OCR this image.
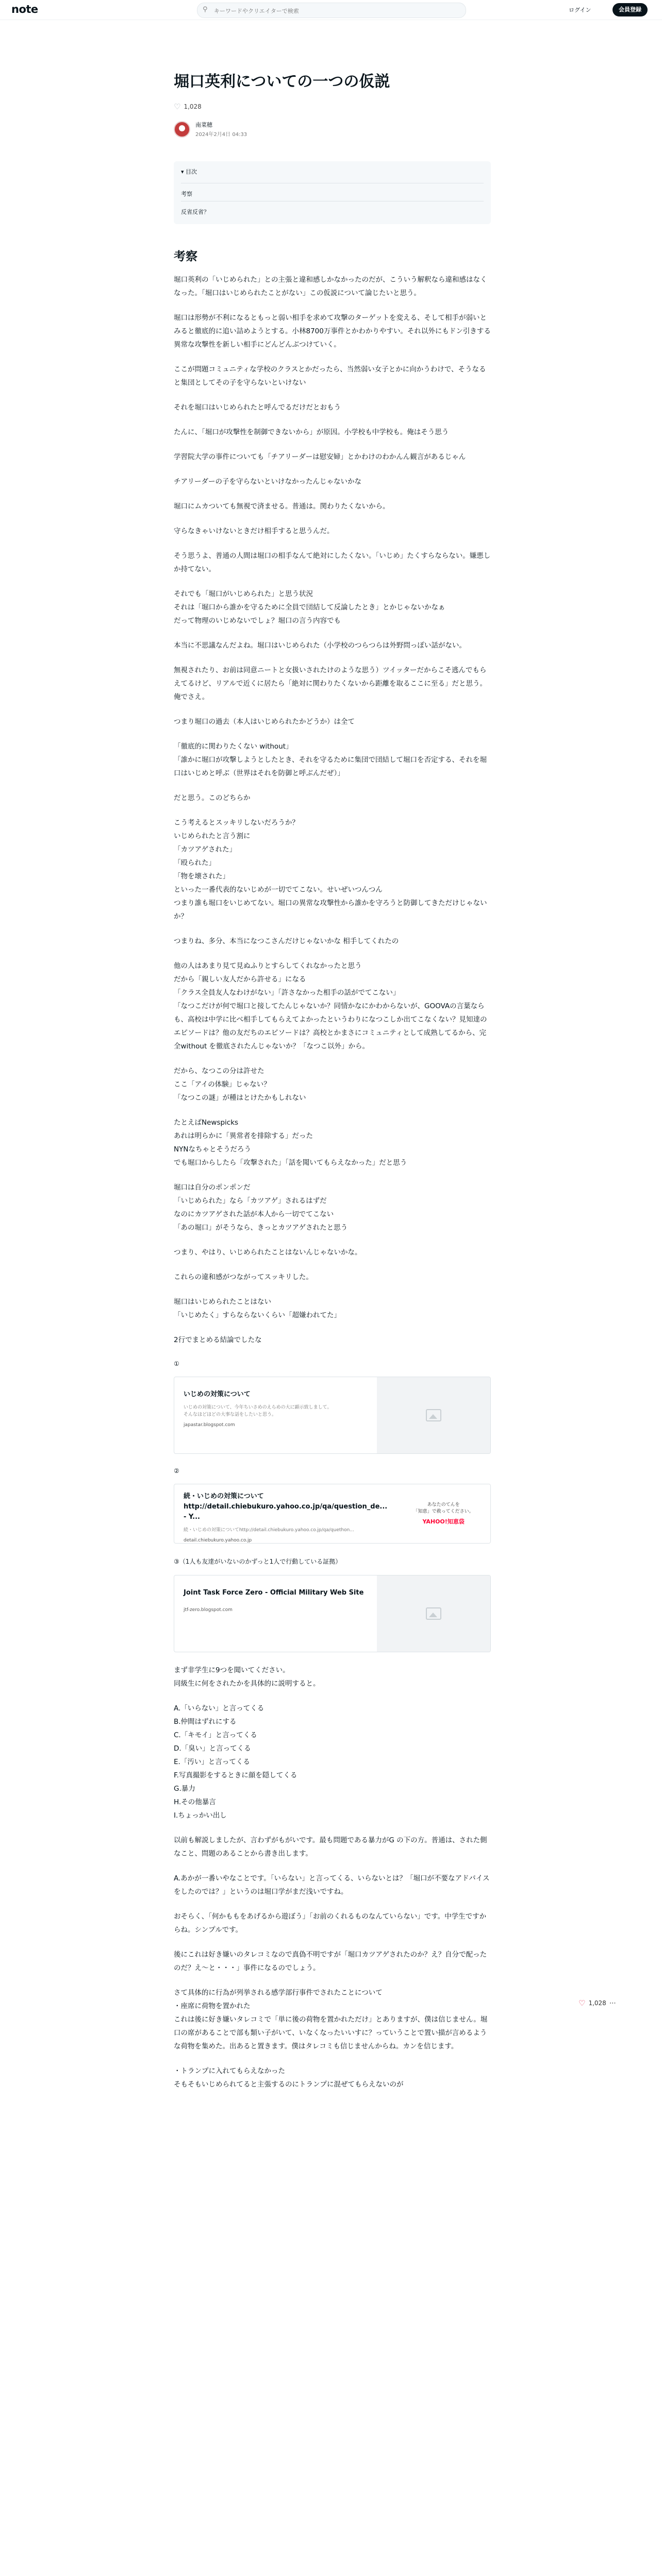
note	⚲
キーワードやクリエイターで検索	ログイン	会員登録
堀口英利についての一つの仮説
♡ 1,028
南菜穂
2024年2月4日 04:33
▾ 目次
考察
反省反省？
考察

堀口英利の「いじめられた」との主張と違和感しかなかったのだが、こういう解釈なら違和感はなくなった。「堀口はいじめられたことがない」この仮説について論じたいと思う。

堀口は形勢が不利になるともっと弱い相手を求めて攻撃のターゲットを変える、そして相手が弱いとみると徹底的に追い詰めようとする。小林8700万事件とかわかりやすい。それ以外にもドン引きする異常な攻撃性を新しい相手にどんどんぶつけていく。

ここが問題コミュニティな学校のクラスとかだったら、当然弱い女子とかに向かうわけで、そうなると集団としてその子を守らないといけない

それを堀口はいじめられたと呼んでるだけだとおもう

たんに、「堀口が攻撃性を制御できないから」が原因。小学校も中学校も。俺はそう思う

学習院大学の事件についても「チアリーダーは慰安婦」とかわけのわかんん観言があるじゃん

チアリーダーの子を守らないといけなかったんじゃないかな

堀口にムカついても無視で済ませる。普通は。関わりたくないから。

守らなきゃいけないときだけ相手すると思うんだ。

そう思うよ、普通の人間は堀口の相手なんて絶対にしたくない。「いじめ」たくすらならない。嫌悪しか持てない。

それでも「堀口がいじめられた」と思う状況
それは「堀口から誰かを守るために全員で団結して反論したとき」とかじゃないかなぁ
だって物理のいじめないでしょ？堀口の言う内容でも

本当に不思議なんだよね。堀口はいじめられた（小学校のつらつらは外野問っぽい話がない。

無視されたり、お前は同意ニートと女扱いされたけのような思う）ツイッターだからこそ逃んでもらえてるけど、リアルで近くに居たら「絶対に関わりたくないから距離を取るここに至る」だと思う。俺でさえ。

つまり堀口の過去（本人はいじめられたかどうか）は全て

「徹底的に関わりたくない without」
「誰かに堀口が攻撃しようとしたとき、それを守るために集団で団結して堀口を否定する、それを堀口はいじめと呼ぶ（世界はそれを防御と呼ぶんだぜ）」

だと思う。このどちらか

こう考えるとスッキリしないだろうか？
いじめられたと言う割に
「カツアゲされた」
「殴られた」
「物を壊された」
といった一番代表的ないじめが一切でてこない。せいぜいつんつん
つまり誰も堀口をいじめてない。堀口の異常な攻撃性から誰かを守ろうと防御してきただけじゃないか？

つまりね、多分、本当になつこさんだけじゃないかな 相手してくれたの

他の人はあまり見て見ぬふりとすらしてくれなかったと思う
だから「親しい友人だから許せる」になる
「クラス全員友人なわけがない」「許さなかった相手の話がでてこない」
「なつこだけが何で堀口と接してたんじゃないか？同情かなにかわからないが、GOOVAの言葉ならも、高校は中学に比べ相手してもらえてよかったというわりになつこしか出てこなくない？見知達のエピソードは？他の友だちのエピソードは？高校とかまさにコミュニティとして成熟してるから、完全without を徹底されたんじゃないか？「なつこ以外」から。

だから、なつこの分は許せた
ここ「アイの体験」じゃない？
「なつこの謎」が種はとけたかもしれない

たとえばNewspicks
あれは明らかに「異常者を排除する」だった
NYNなちゃとそうだろう
でも堀口からしたら「攻撃された」「話を聞いてもらえなかった」だと思う

堀口は自分のポンポンだ
「いじめられた」なら「カツアゲ」されるはずだ
なのにカツアゲされた話が本人から一切でてこない
「あの堀口」がそうなら、きっとカツアゲされたと思う

つまり、やはり、いじめられたことはないんじゃないかな。

これらの違和感がつながってスッキリした。

堀口はいじめられたことはない
「いじめたく」すらならないくらい「超嫌われてた」

2行でまとめる結論でしたな

①
いじめの対策について
いじめの対策について、今年ちいさめのえらめの大に顕示致しまして。
そんなほどほどの大事な話をしたいと思う。
japastar.blogspot.com
②
続・いじめの対策についてhttp://detail.chiebukuro.yahoo.co.jp/qa/question_de... - Y...
続・いじめの対策についてhttp://detail.chiebukuro.yahoo.co.jp/qa/quethon...
detail.chiebukuro.yahoo.co.jp
あなたのてんを
「知恵」で救ってください。
YAHOO!知恵袋
③（1人も友達がいないのかずっと1人で行動している証拠）
Joint Task Force Zero - Official Military Web Site
jtf-zero.blogspot.com

まず非学生に9つを聞いてください。
同級生に何をされたかを具体的に説明すると。

A.「いらない」と言ってくる
B.仲間はずれにする
C.「キモイ」と言ってくる
D.「臭い」と言ってくる
E.「汚い」と言ってくる
F.写真撮影をするときに顔を隠してくる
G.暴力
H.その他暴言
I.ちょっかい出し

以前も解説しましたが、言わずがもがいです。最も問題である暴力がG の下の方。普通は、された側なこと、問題のあることから書き出します。

A.あかが一番いやなことです。「いらない」と言ってくる、いらないとは？「堀口が不要なアドバイスをしたのでは？」というのは堀口学がまだ浅いですね。

おそらく、「何かももをあげるから遊ぼう」「お前のくれるものなんていらない」です。中学生ですからね。シンプルです。

後にこれは好き嫌いのタレコミなので真偽不明ですが「堀口カツアゲされたのか？え？自分で配ったのだ？え～と・・・」事件になるのでしょう。

さて具体的に行為が列挙される感学部行事件でされたことについて
・座席に荷物を置かれた
これは後に好き嫌いタレコミで「単に後の荷物を置かれただけ」とありますが、僕は信じません。堀口の席があることで部も類い子がいて、いなくなったいいすに？っていうことで置い描が言めるような荷物を集めた。出あると置きます。僕はタレコミも信じませんからね。カンを信じます。

・トランプに入れてもらえなかった
そもそもいじめられてると主張するのにトランプに混ぜてもらえないのが

♡ 1,028 ⋯
